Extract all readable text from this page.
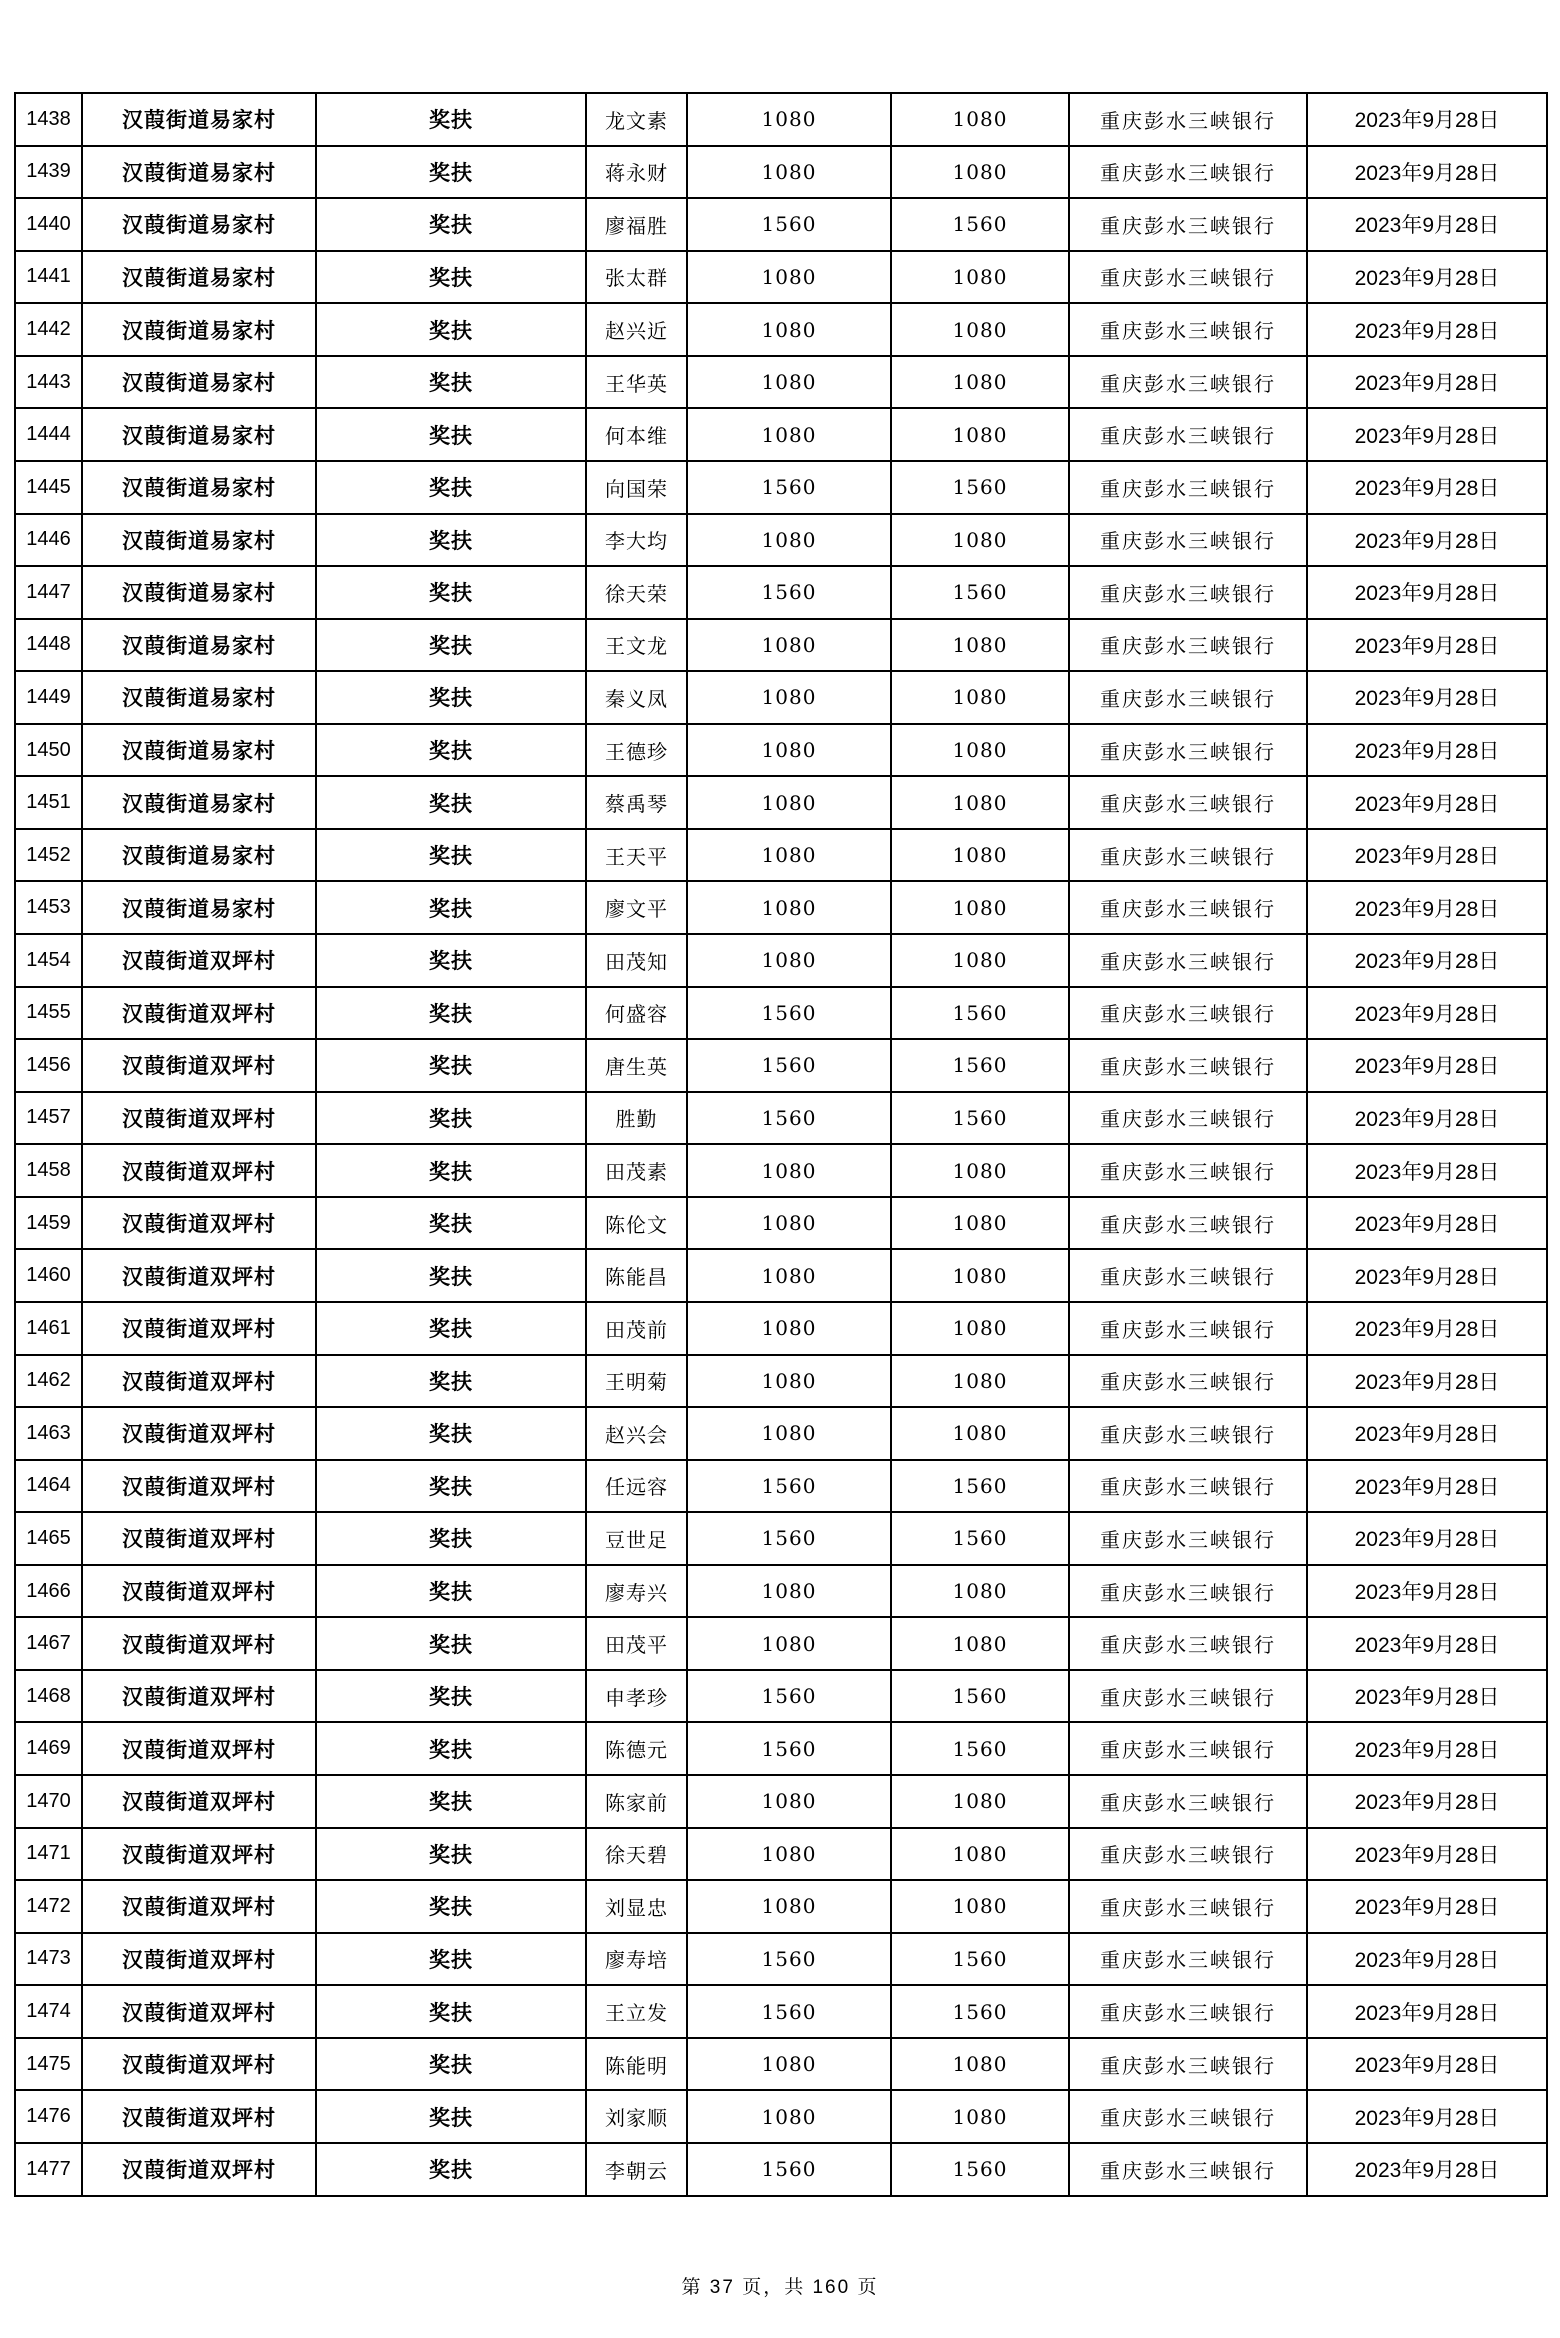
1438	汉葭街道易家村	奖扶	龙文素	1080	1080	重庆彭水三峡银行	2023年9月28日
1439	汉葭街道易家村	奖扶	蒋永财	1080	1080	重庆彭水三峡银行	2023年9月28日
1440	汉葭街道易家村	奖扶	廖福胜	1560	1560	重庆彭水三峡银行	2023年9月28日
1441	汉葭街道易家村	奖扶	张太群	1080	1080	重庆彭水三峡银行	2023年9月28日
1442	汉葭街道易家村	奖扶	赵兴近	1080	1080	重庆彭水三峡银行	2023年9月28日
1443	汉葭街道易家村	奖扶	王华英	1080	1080	重庆彭水三峡银行	2023年9月28日
1444	汉葭街道易家村	奖扶	何本维	1080	1080	重庆彭水三峡银行	2023年9月28日
1445	汉葭街道易家村	奖扶	向国荣	1560	1560	重庆彭水三峡银行	2023年9月28日
1446	汉葭街道易家村	奖扶	李大均	1080	1080	重庆彭水三峡银行	2023年9月28日
1447	汉葭街道易家村	奖扶	徐天荣	1560	1560	重庆彭水三峡银行	2023年9月28日
1448	汉葭街道易家村	奖扶	王文龙	1080	1080	重庆彭水三峡银行	2023年9月28日
1449	汉葭街道易家村	奖扶	秦义凤	1080	1080	重庆彭水三峡银行	2023年9月28日
1450	汉葭街道易家村	奖扶	王德珍	1080	1080	重庆彭水三峡银行	2023年9月28日
1451	汉葭街道易家村	奖扶	蔡禹琴	1080	1080	重庆彭水三峡银行	2023年9月28日
1452	汉葭街道易家村	奖扶	王天平	1080	1080	重庆彭水三峡银行	2023年9月28日
1453	汉葭街道易家村	奖扶	廖文平	1080	1080	重庆彭水三峡银行	2023年9月28日
1454	汉葭街道双坪村	奖扶	田茂知	1080	1080	重庆彭水三峡银行	2023年9月28日
1455	汉葭街道双坪村	奖扶	何盛容	1560	1560	重庆彭水三峡银行	2023年9月28日
1456	汉葭街道双坪村	奖扶	唐生英	1560	1560	重庆彭水三峡银行	2023年9月28日
1457	汉葭街道双坪村	奖扶	胜勤	1560	1560	重庆彭水三峡银行	2023年9月28日
1458	汉葭街道双坪村	奖扶	田茂素	1080	1080	重庆彭水三峡银行	2023年9月28日
1459	汉葭街道双坪村	奖扶	陈伦文	1080	1080	重庆彭水三峡银行	2023年9月28日
1460	汉葭街道双坪村	奖扶	陈能昌	1080	1080	重庆彭水三峡银行	2023年9月28日
1461	汉葭街道双坪村	奖扶	田茂前	1080	1080	重庆彭水三峡银行	2023年9月28日
1462	汉葭街道双坪村	奖扶	王明菊	1080	1080	重庆彭水三峡银行	2023年9月28日
1463	汉葭街道双坪村	奖扶	赵兴会	1080	1080	重庆彭水三峡银行	2023年9月28日
1464	汉葭街道双坪村	奖扶	任远容	1560	1560	重庆彭水三峡银行	2023年9月28日
1465	汉葭街道双坪村	奖扶	豆世足	1560	1560	重庆彭水三峡银行	2023年9月28日
1466	汉葭街道双坪村	奖扶	廖寿兴	1080	1080	重庆彭水三峡银行	2023年9月28日
1467	汉葭街道双坪村	奖扶	田茂平	1080	1080	重庆彭水三峡银行	2023年9月28日
1468	汉葭街道双坪村	奖扶	申孝珍	1560	1560	重庆彭水三峡银行	2023年9月28日
1469	汉葭街道双坪村	奖扶	陈德元	1560	1560	重庆彭水三峡银行	2023年9月28日
1470	汉葭街道双坪村	奖扶	陈家前	1080	1080	重庆彭水三峡银行	2023年9月28日
1471	汉葭街道双坪村	奖扶	徐天碧	1080	1080	重庆彭水三峡银行	2023年9月28日
1472	汉葭街道双坪村	奖扶	刘显忠	1080	1080	重庆彭水三峡银行	2023年9月28日
1473	汉葭街道双坪村	奖扶	廖寿培	1560	1560	重庆彭水三峡银行	2023年9月28日
1474	汉葭街道双坪村	奖扶	王立发	1560	1560	重庆彭水三峡银行	2023年9月28日
1475	汉葭街道双坪村	奖扶	陈能明	1080	1080	重庆彭水三峡银行	2023年9月28日
1476	汉葭街道双坪村	奖扶	刘家顺	1080	1080	重庆彭水三峡银行	2023年9月28日
1477	汉葭街道双坪村	奖扶	李朝云	1560	1560	重庆彭水三峡银行	2023年9月28日
第 37 页，共 160 页
